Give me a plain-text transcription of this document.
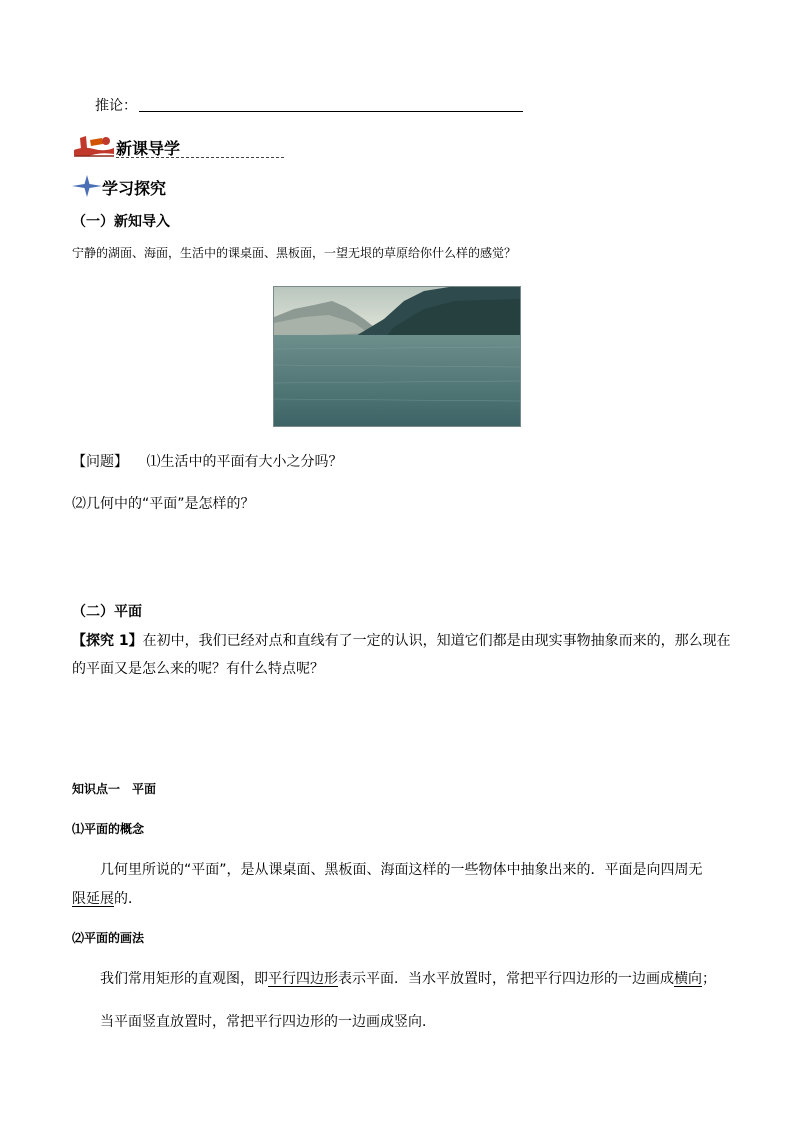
推论：
新课导学
学习探究
（一）新知导入
宁静的湖面、海面，生活中的课桌面、黑板面，一望无垠的草原给你什么样的感觉？
【问题】 ⑴生活中的平面有大小之分吗？
⑵几何中的“平面”是怎样的？
（二）平面
【探究 1】在初中，我们已经对点和直线有了一定的认识，知道它们都是由现实事物抽象而来的，那么现在
的平面又是怎么来的呢？有什么特点呢？
知识点一　平面
⑴平面的概念
几何里所说的“平面”，是从课桌面、黑板面、海面这样的一些物体中抽象出来的．平面是向四周无
限延展的．
⑵平面的画法
我们常用矩形的直观图，即平行四边形表示平面．当水平放置时，常把平行四边形的一边画成横向；
当平面竖直放置时，常把平行四边形的一边画成竖向．
